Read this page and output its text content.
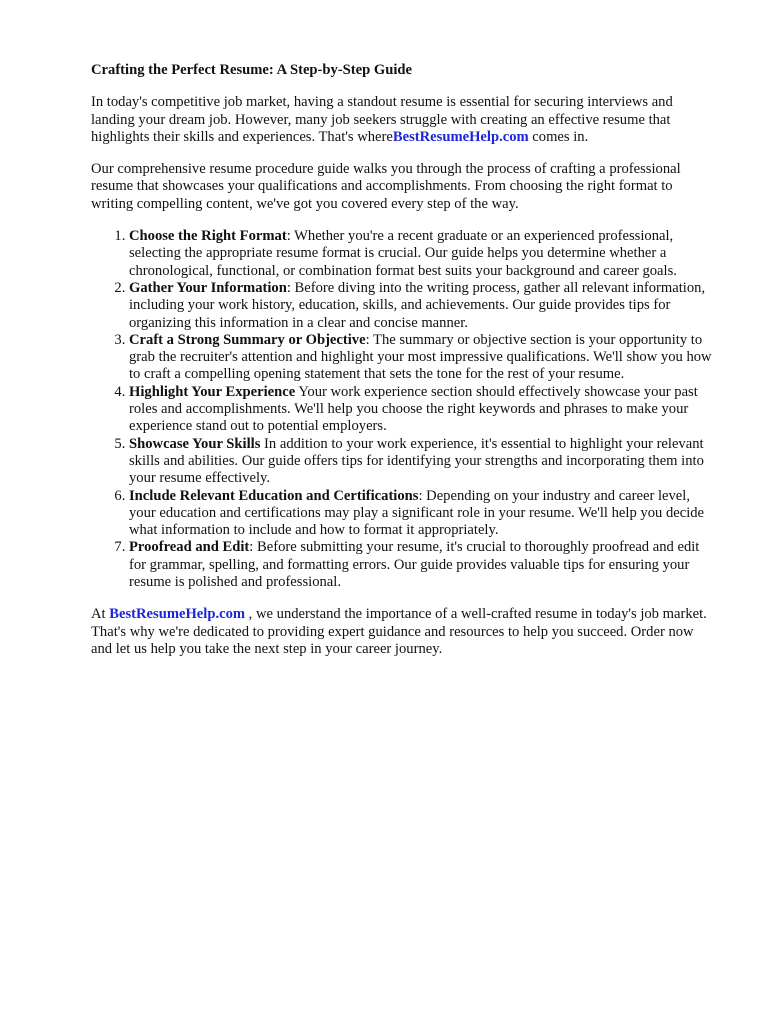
Crafting the Perfect Resume: A Step-by-Step Guide

In today's competitive job market, having a standout resume is essential for securing interviews and landing your dream job. However, many job seekers struggle with creating an effective resume that highlights their skills and experiences. That's whereBestResumeHelp.com comes in.

Our comprehensive resume procedure guide walks you through the process of crafting a professional resume that showcases your qualifications and accomplishments. From choosing the right format to writing compelling content, we've got you covered every step of the way.

1. Choose the Right Format: Whether you're a recent graduate or an experienced professional, selecting the appropriate resume format is crucial. Our guide helps you determine whether a chronological, functional, or combination format best suits your background and career goals.
2. Gather Your Information: Before diving into the writing process, gather all relevant information, including your work history, education, skills, and achievements. Our guide provides tips for organizing this information in a clear and concise manner.
3. Craft a Strong Summary or Objective: The summary or objective section is your opportunity to grab the recruiter's attention and highlight your most impressive qualifications. We'll show you how to craft a compelling opening statement that sets the tone for the rest of your resume.
4. Highlight Your Experience Your work experience section should effectively showcase your past roles and accomplishments. We'll help you choose the right keywords and phrases to make your experience stand out to potential employers.
5. Showcase Your Skills In addition to your work experience, it's essential to highlight your relevant skills and abilities. Our guide offers tips for identifying your strengths and incorporating them into your resume effectively.
6. Include Relevant Education and Certifications: Depending on your industry and career level, your education and certifications may play a significant role in your resume. We'll help you decide what information to include and how to format it appropriately.
7. Proofread and Edit: Before submitting your resume, it's crucial to thoroughly proofread and edit for grammar, spelling, and formatting errors. Our guide provides valuable tips for ensuring your resume is polished and professional.

At BestResumeHelp.com , we understand the importance of a well-crafted resume in today's job market. That's why we're dedicated to providing expert guidance and resources to help you succeed. Order now and let us help you take the next step in your career journey.
